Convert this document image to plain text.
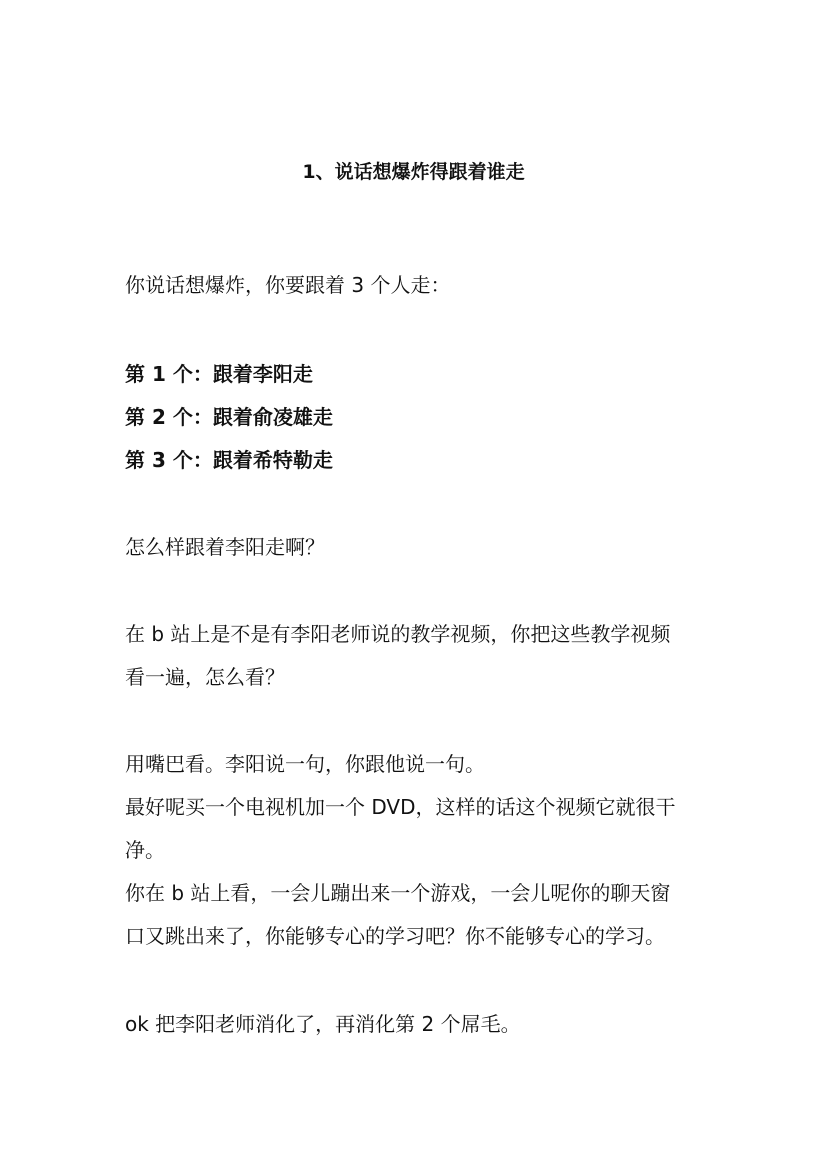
1、说话想爆炸得跟着谁走
你说话想爆炸，你要跟着 3 个人走：
第 1 个：跟着李阳走
第 2 个：跟着俞凌雄走
第 3 个：跟着希特勒走
怎么样跟着李阳走啊？
在 b 站上是不是有李阳老师说的教学视频，你把这些教学视频
看一遍，怎么看？
用嘴巴看。李阳说一句，你跟他说一句。
最好呢买一个电视机加一个 DVD，这样的话这个视频它就很干
净。
你在 b 站上看，一会儿蹦出来一个游戏，一会儿呢你的聊天窗
口又跳出来了，你能够专心的学习吧？你不能够专心的学习。
ok 把李阳老师消化了，再消化第 2 个屌毛。
